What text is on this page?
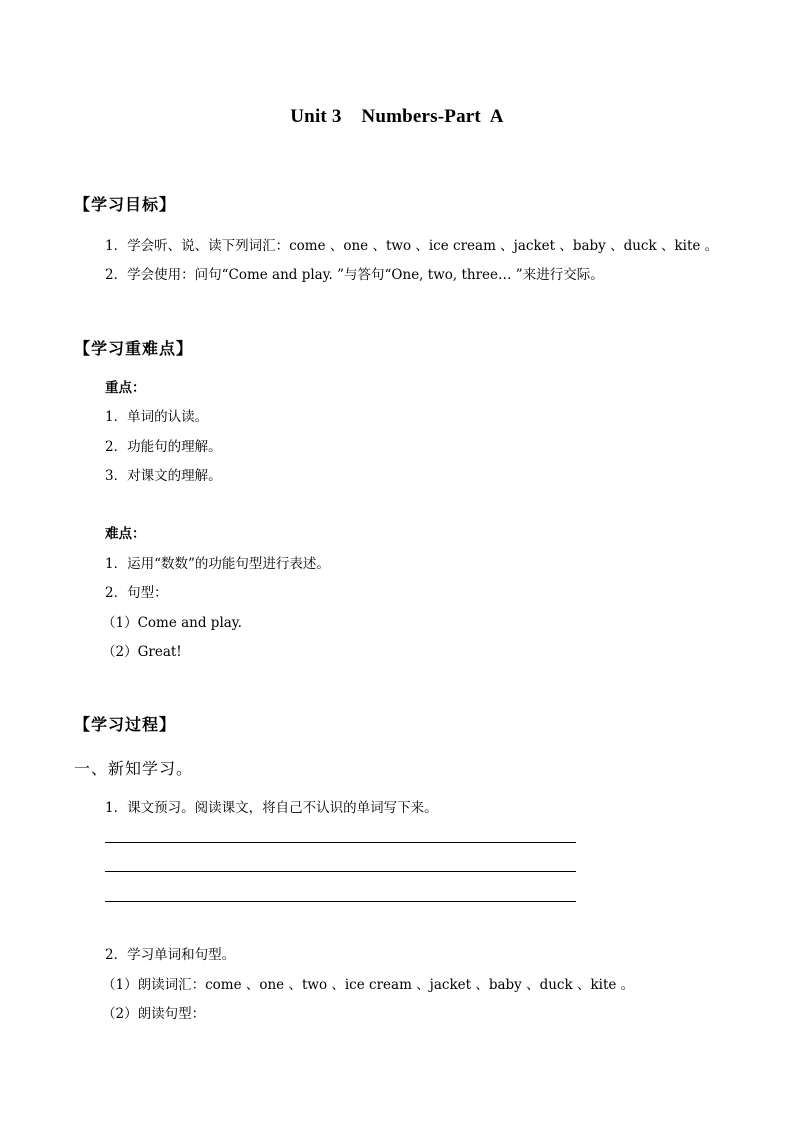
Unit 3    Numbers-Part  A
【学习目标】
1．学会听、说、读下列词汇：come 、one 、two 、ice cream 、jacket 、baby 、duck 、kite 。
2．学会使用：问句“Come and play. ”与答句“One, two, three… ”来进行交际。
【学习重难点】
重点：
1．单词的认读。
2．功能句的理解。
3．对课文的理解。
难点：
1．运用“数数”的功能句型进行表述。
2．句型：
（1）Come and play.
（2）Great!
【学习过程】
一、新知学习。
1．课文预习。阅读课文，将自己不认识的单词写下来。
2．学习单词和句型。
（1）朗读词汇：come 、one 、two 、ice cream 、jacket 、baby 、duck 、kite 。
（2）朗读句型：
